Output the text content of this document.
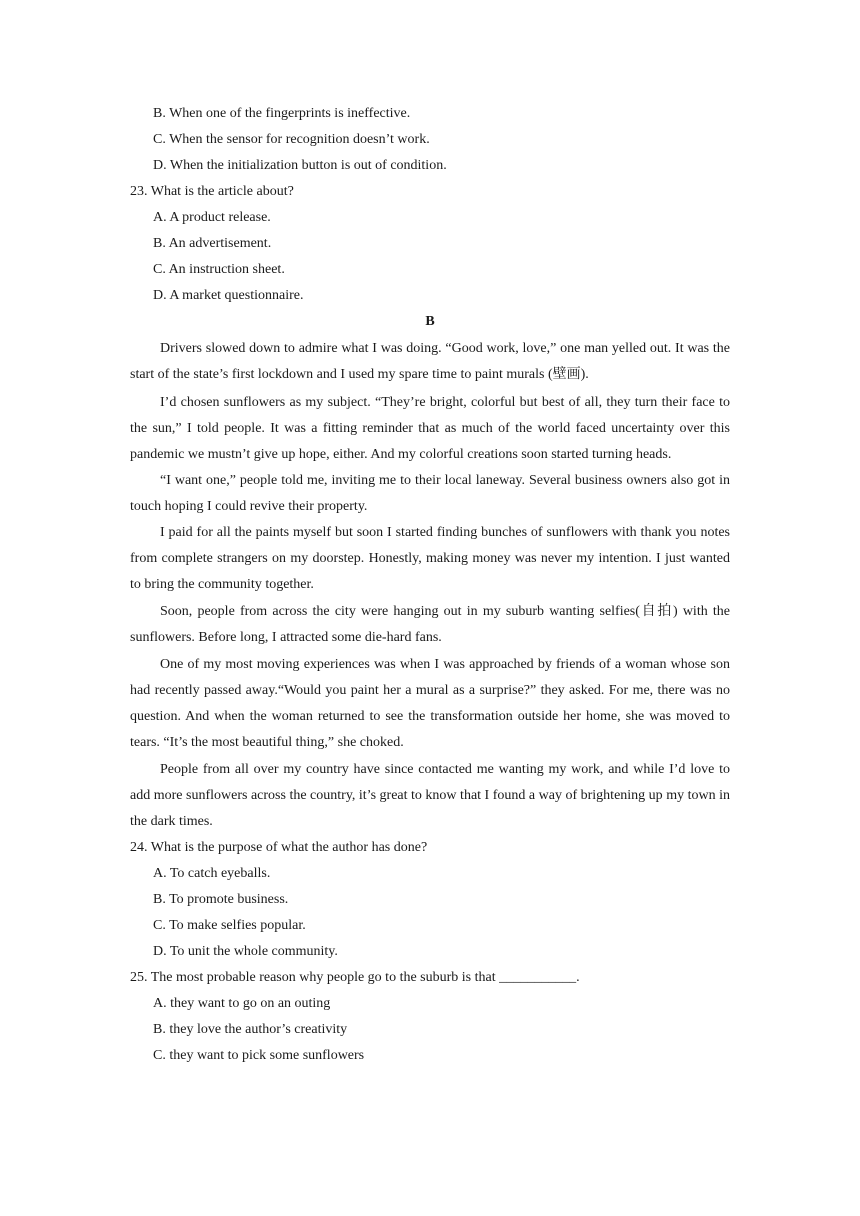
B. When one of the fingerprints is ineffective.
C. When the sensor for recognition doesn’t work.
D. When the initialization button is out of condition.
23. What is the article about?
A. A product release.
B. An advertisement.
C. An instruction sheet.
D. A market questionnaire.
B

Drivers slowed down to admire what I was doing. “Good work, love,” one man yelled out. It was the start of the state’s first lockdown and I used my spare time to paint murals (壁画).

I’d chosen sunflowers as my subject. “They’re bright, colorful but best of all, they turn their face to the sun,” I told people. It was a fitting reminder that as much of the world faced uncertainty over this pandemic we mustn’t give up hope, either. And my colorful creations soon started turning heads.

“I want one,” people told me, inviting me to their local laneway. Several business owners also got in touch hoping I could revive their property.

I paid for all the paints myself but soon I started finding bunches of sunflowers with thank you notes from complete strangers on my doorstep. Honestly, making money was never my intention. I just wanted to bring the community together.

Soon, people from across the city were hanging out in my suburb wanting selfies(自拍) with the sunflowers. Before long, I attracted some die-hard fans.

One of my most moving experiences was when I was approached by friends of a woman whose son had recently passed away.“Would you paint her a mural as a surprise?” they asked. For me, there was no question. And when the woman returned to see the transformation outside her home, she was moved to tears. “It’s the most beautiful thing,” she choked.

People from all over my country have since contacted me wanting my work, and while I’d love to add more sunflowers across the country, it’s great to know that I found a way of brightening up my town in the dark times.

24. What is the purpose of what the author has done?
A. To catch eyeballs.
B. To promote business.
C. To make selfies popular.
D. To unit the whole community.
25. The most probable reason why people go to the suburb is that ___________.
A. they want to go on an outing
B. they love the author’s creativity
C. they want to pick some sunflowers
